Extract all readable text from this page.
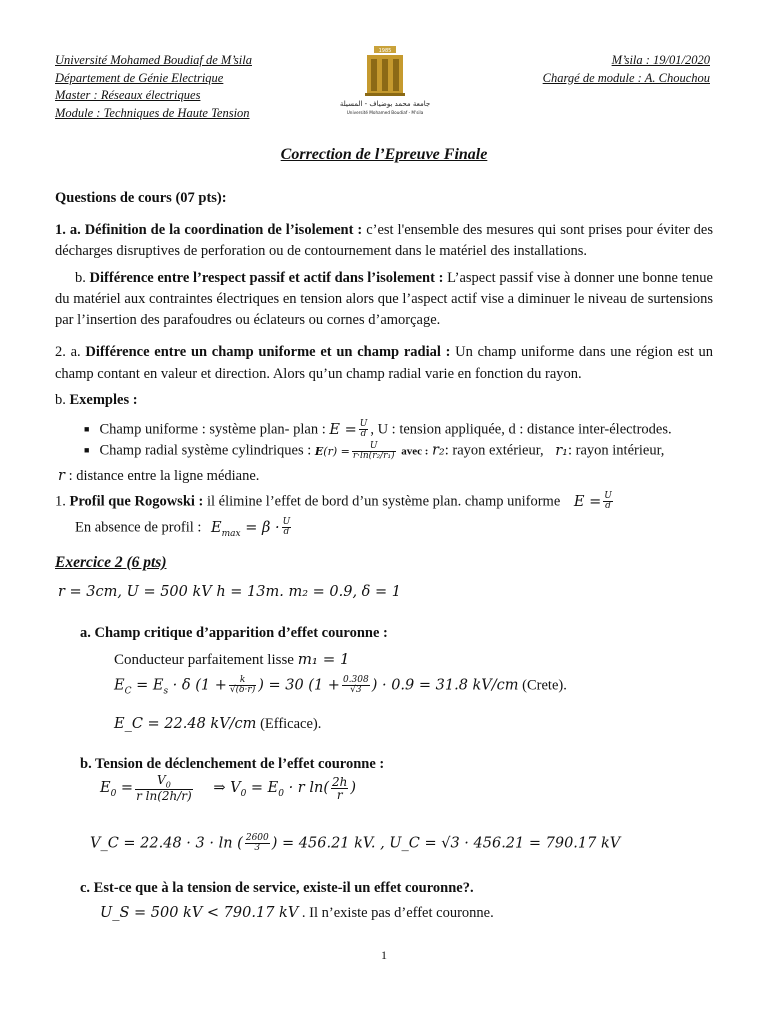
Université Mohamed Boudiaf de M’sila
Département de Génie Electrique
Master : Réseaux électriques
Module : Techniques de Haute Tension
1985
جامعة محمد بوضياف - المسيلة
Université Mohamed Boudiaf - M'sila
M’sila : 19/01/2020
Chargé de module : A. Chouchou
Correction de l’Epreuve Finale
Questions de cours (07 pts):
1. a. Définition de la coordination de l’isolement : c’est l'ensemble des mesures qui sont prises pour éviter des décharges disruptives de perforation ou de contournement dans le matériel des installations.
b. Différence entre l’respect passif et actif dans l’isolement : L’aspect passif vise à donner une bonne tenue du matériel aux contraintes électriques en tension alors que l’aspect actif vise a diminuer le niveau de surtensions par l’insertion des parafoudres ou éclateurs ou cornes d’amorçage.
2. a. Différence entre un champ uniforme et un champ radial : Un champ uniforme dans une région est un champ contant en valeur et direction. Alors qu’un champ radial varie en fonction du rayon.
b. Exemples :
■ Champ uniforme : système plan- plan : $E = \frac{U}{d}$ , U : tension appliquée, d : distance inter-électrodes.
■ Champ radial système cylindriques : $E(r) = \frac{U}{\text{r·ln(r₂/r₁)}}$ avec : r₂: rayon extérieur, r₁: rayon intérieur,
r : distance entre la ligne médiane.
1. Profil que Rogowski : il élimine l’effet de bord d’un système plan. champ uniforme $E = \frac{U}{d}$
En absence de profil : $E_{max} = \beta \cdot \frac{U}{d}$
Exercice 2 (6 pts)
r = 3cm, U = 500 kV h = 13m. m₂ = 0.9, δ = 1
a. Champ critique d’apparition d’effet couronne :
Conducteur parfaitement lisse m₁ = 1
$E_C = E_s \cdot \delta$ ($1 + \frac{k}{√(\delta\cdot r)}$ ) = 30 ($1 + \frac{0.308}{√3}$ ) · 0.9 = 31.8 kV/cm (Crete).
E_C = 22.48 kV/cm (Efficace).
b. Tension de déclenchement de l’effet couronne :
$E_0 = \frac{V_0}{\text{r ln(2h/r)}}$ ⇒ $V_0 = E_0 \cdot r$ $\ln( \frac{2h}{r}$ )
V_C = 22.48 · 3 · ln ( $\frac{2600}{3}$ ) = 456.21 kV. , U_C = √3 · 456.21 = 790.17 kV
c. Est-ce que à la tension de service, existe-il un effet couronne?.
U_S = 500 kV < 790.17 kV . Il n’existe pas d’effet couronne.
1
